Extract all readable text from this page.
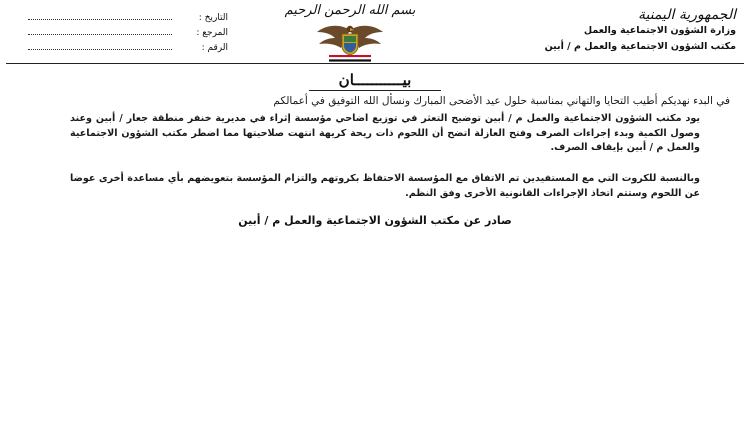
الجمهورية اليمنية
وزارة الشؤون الاجتماعية والعمل
مكتب الشؤون الاجتماعية والعمل م / أبين
بسم الله الرحمن الرحيم
التاريخ :
المرجع :
الرقم :
بيـــــــــــان
في البدء نهديكم أطيب التحايا والتهاني بمناسبة حلول عيد الأضحى المبارك ونسأل الله التوفيق في أعمالكم
يود مكتب الشؤون الاجتماعية والعمل م / أبين توضيح التعثر في توزيع اضاحي مؤسسة إثراء في مديرية خنفر منطقة جعار / أبين وعند وصول الكمية وبدء إجراءات الصرف وفتح العازلة اتضح أن اللحوم ذات ريحة كريهة انتهت صلاحيتها مما اضطر مكتب الشؤون الاجتماعية والعمل م / أبين بإيقاف الصرف.
وبالنسبة للكروت التي مع المستفيدين تم الاتفاق مع المؤسسة الاحتفاظ بكروتهم والتزام المؤسسة بتعويضهم بأي مساعدة أخرى عوضا عن اللحوم وستتم اتخاذ الإجراءات القانونية الأخرى وفق النظم.
صادر عن مكتب الشؤون الاجتماعية والعمل م / أبين
